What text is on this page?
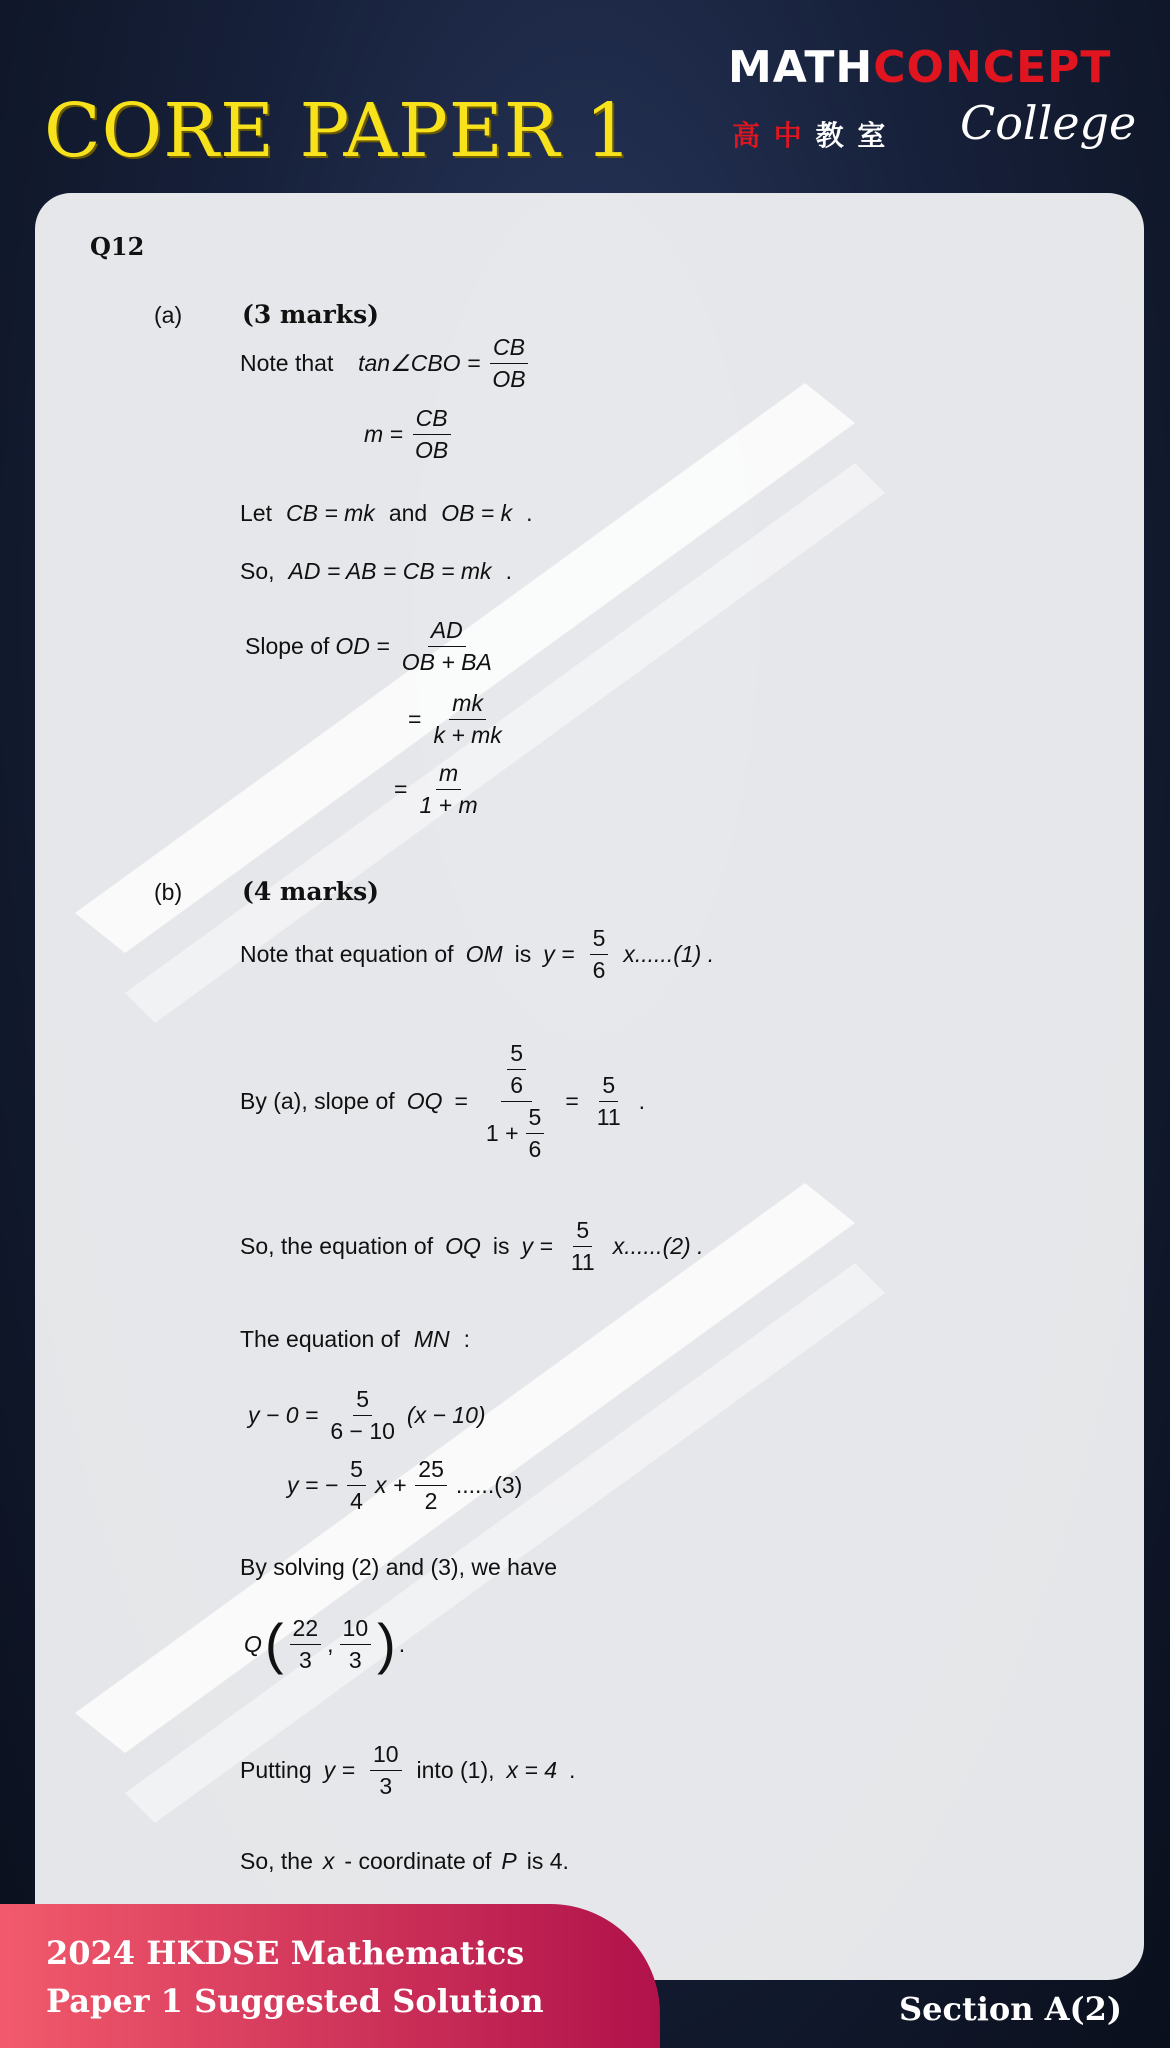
CORE PAPER 1
MATHCONCEPT
高 中 教 室 College
Q12
(a) (3 marks)
Note that
tan∠CBO = $\frac{CB}{OB}$
$m = \frac{CB}{OB}$
Let CB = mk and OB = k .
So, AD = AB = CB = mk .
Slope of OD = $\frac{AD}{OB + BA}$
= $\frac{mk}{k + mk}$
= $\frac{m}{1 + m}$
(b) (4 marks)
Note that equation of OM is $y = \frac{5}{6} x......(1)$ .
By (a), slope of OQ = $\frac{\frac{5}{6}}{1 + \frac{5}{6}} = \frac{5}{11}$ .
So, the equation of OQ is $y = \frac{5}{11} x......(2)$ .
The equation of MN :
$y - 0 = \frac{5}{6 - 10} (x - 10)$
y = − $\frac{5}{4}$ $x + \frac{25}{2} ......(3)$
By solving (2) and (3), we have
Q ( $\frac{22}{3}$ , $\frac{10}{3}$ ) .
Putting $y = \frac{10}{3}$ into (1), x = 4 .
So, the x - coordinate of P is 4.
2024 HKDSE Mathematics
Paper 1 Suggested Solution	Section A(2)
